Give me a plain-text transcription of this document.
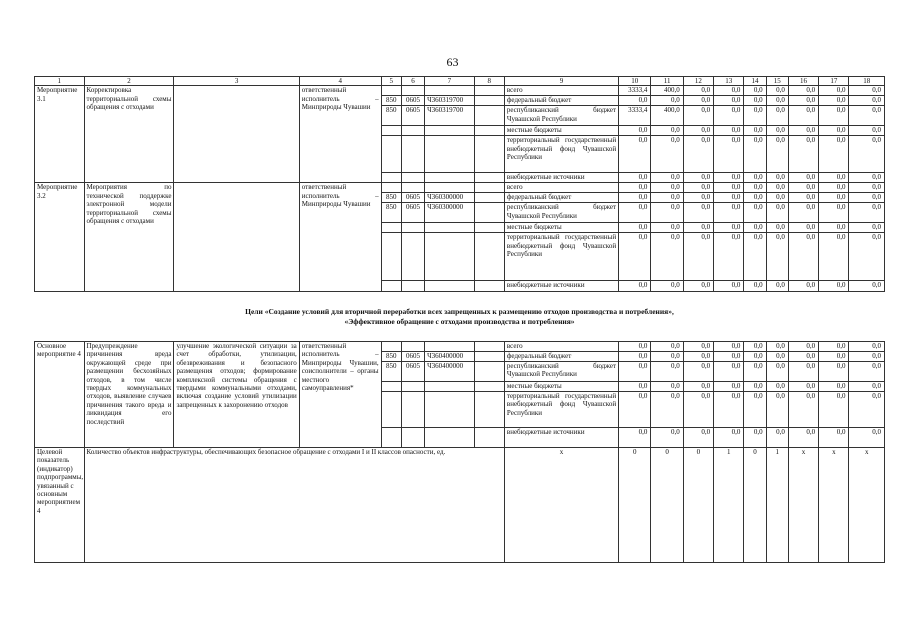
63
1	2	3	4	5	6	7	8	9	10	11	12	13	14	15	16	17	18
Мероприятие 3.1	Корректировка территориальной схемы обращения с отходами		ответственный исполнитель – Минприроды Чувашии					всего	3333,4	400,0	0,0	0,0	0,0	0,0	0,0	0,0	0,0
				850	0605	Ч360319700		федеральный бюджет	0,0	0,0	0,0	0,0	0,0	0,0	0,0	0,0	0,0
				850	0605	Ч360319700		республиканский бюджет Чувашской Республики	3333,4	400,0	0,0	0,0	0,0	0,0	0,0	0,0	0,0
								местные бюджеты	0,0	0,0	0,0	0,0	0,0	0,0	0,0	0,0	0,0
								территориальный государственный внебюджетный фонд Чувашской Республики	0,0	0,0	0,0	0,0	0,0	0,0	0,0	0,0	0,0
								внебюджетные источники	0,0	0,0	0,0	0,0	0,0	0,0	0,0	0,0	0,0
Мероприятие 3.2	Мероприятия по технической поддержке электронной модели территориальной схемы обращения с отходами		ответственный исполнитель – Минприроды Чувашии					всего	0,0	0,0	0,0	0,0	0,0	0,0	0,0	0,0	0,0
				850	0605	Ч360300000		федеральный бюджет	0,0	0,0	0,0	0,0	0,0	0,0	0,0	0,0	0,0
				850	0605	Ч360300000		республиканский бюджет Чувашской Республики	0,0	0,0	0,0	0,0	0,0	0,0	0,0	0,0	0,0
								местные бюджеты	0,0	0,0	0,0	0,0	0,0	0,0	0,0	0,0	0,0
								территориальный государственный внебюджетный фонд Чувашской Республики	0,0	0,0	0,0	0,0	0,0	0,0	0,0	0,0	0,0
								внебюджетные источники	0,0	0,0	0,0	0,0	0,0	0,0	0,0	0,0	0,0
Цели «Создание условий для вторичной переработки всех запрещенных к размещению отходов производства и потребления»,
«Эффективное обращение с отходами производства и потребления»
Основное мероприятие 4	Предупреждение причинения вреда окружающей среде при размещении бесхозяйных отходов, в том числе твердых коммунальных отходов, выявление случаев причинения такого вреда и ликвидация его последствий	улучшение экологической ситуации за счет обработки, утилизации, обезвреживания и безопасного размещения отходов; формирование комплексной системы обращения с твердыми коммунальными отходами, включая создание условий утилизации запрещенных к захоронению отходов	ответственный исполнитель – Минприроды Чувашии, соисполнители – органы местного самоуправления*					всего	0,0	0,0	0,0	0,0	0,0	0,0	0,0	0,0	0,0
				850	0605	Ч360400000		федеральный бюджет	0,0	0,0	0,0	0,0	0,0	0,0	0,0	0,0	0,0
				850	0605	Ч360400000		республиканский бюджет Чувашской Республики	0,0	0,0	0,0	0,0	0,0	0,0	0,0	0,0	0,0
								местные бюджеты	0,0	0,0	0,0	0,0	0,0	0,0	0,0	0,0	0,0
								территориальный государственный внебюджетный фонд Чувашской Республики	0,0	0,0	0,0	0,0	0,0	0,0	0,0	0,0	0,0
								внебюджетные источники	0,0	0,0	0,0	0,0	0,0	0,0	0,0	0,0	0,0
Целевой показатель (индикатор) подпрограммы, увязанный с основным мероприятием 4	Количество объектов инфраструктуры, обеспечивающих безопасное обращение с отходами I и II классов опасности, ед.							х	0	0	0	1	0	1	х	х	х
